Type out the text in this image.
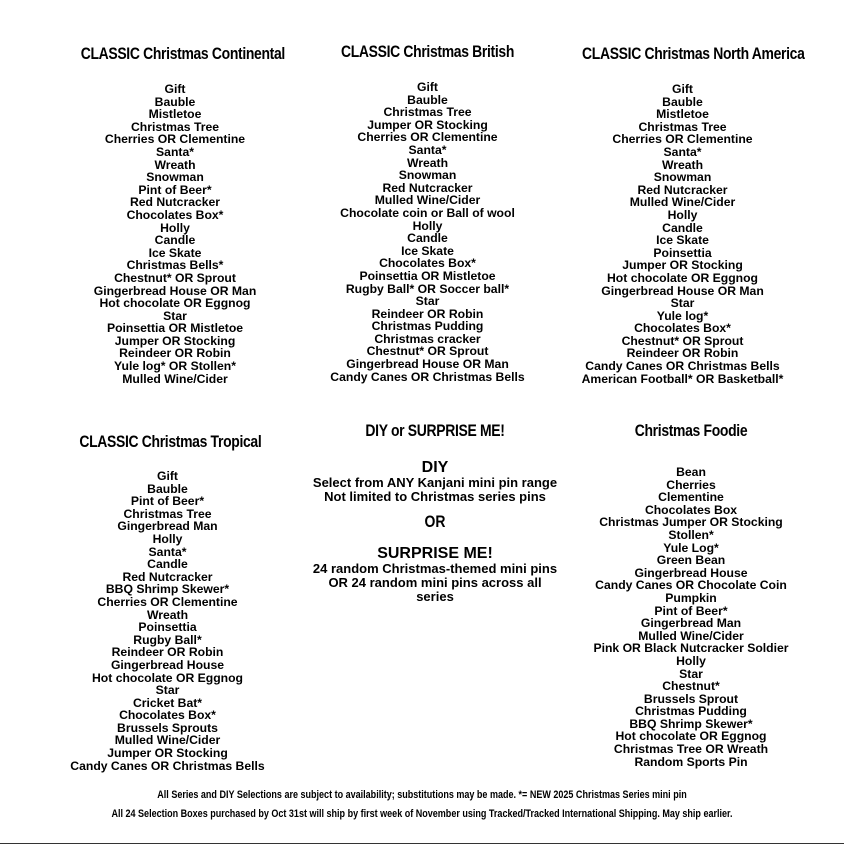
CLASSIC Christmas Continental
Gift
Bauble
Mistletoe
Christmas Tree
Cherries OR Clementine
Santa*
Wreath
Snowman
Pint of Beer*
Red Nutcracker
Chocolates Box*
Holly
Candle
Ice Skate
Christmas Bells*
Chestnut* OR Sprout
Gingerbread House OR Man
Hot chocolate OR Eggnog
Star
Poinsettia OR Mistletoe
Jumper OR Stocking
Reindeer OR Robin
Yule log* OR Stollen*
Mulled Wine/Cider
CLASSIC Christmas British
Gift
Bauble
Christmas Tree
Jumper OR Stocking
Cherries OR Clementine
Santa*
Wreath
Snowman
Red Nutcracker
Mulled Wine/Cider
Chocolate coin or Ball of wool
Holly
Candle
Ice Skate
Chocolates Box*
Poinsettia OR Mistletoe
Rugby Ball* OR Soccer ball*
Star
Reindeer OR Robin
Christmas Pudding
Christmas cracker
Chestnut* OR Sprout
Gingerbread House OR Man
Candy Canes OR Christmas Bells
CLASSIC Christmas North America
Gift
Bauble
Mistletoe
Christmas Tree
Cherries OR Clementine
Santa*
Wreath
Snowman
Red Nutcracker
Mulled Wine/Cider
Holly
Candle
Ice Skate
Poinsettia
Jumper OR Stocking
Hot chocolate OR Eggnog
Gingerbread House OR Man
Star
Yule log*
Chocolates Box*
Chestnut* OR Sprout
Reindeer OR Robin
Candy Canes OR Christmas Bells
American Football* OR Basketball*
CLASSIC Christmas Tropical
Gift
Bauble
Pint of Beer*
Christmas Tree
Gingerbread Man
Holly
Santa*
Candle
Red Nutcracker
BBQ Shrimp Skewer*
Cherries OR Clementine
Wreath
Poinsettia
Rugby Ball*
Reindeer OR Robin
Gingerbread House
Hot chocolate OR Eggnog
Star
Cricket Bat*
Chocolates Box*
Brussels Sprouts
Mulled Wine/Cider
Jumper OR Stocking
Candy Canes OR Christmas Bells
DIY or SURPRISE ME!
DIY
Select from ANY Kanjani mini pin range
Not limited to Christmas series pins
OR
SURPRISE ME!
24 random Christmas-themed mini pins
OR 24 random mini pins across all
series
Christmas Foodie
Bean
Cherries
Clementine
Chocolates Box
Christmas Jumper OR Stocking
Stollen*
Yule Log*
Green Bean
Gingerbread House
Candy Canes OR Chocolate Coin
Pumpkin
Pint of Beer*
Gingerbread Man
Mulled Wine/Cider
Pink OR Black Nutcracker Soldier
Holly
Star
Chestnut*
Brussels Sprout
Christmas Pudding
BBQ Shrimp Skewer*
Hot chocolate OR Eggnog
Christmas Tree OR Wreath
Random Sports Pin
All Series and DIY Selections are subject to availability; substitutions may be made. *= NEW 2025 Christmas Series mini pin
All 24 Selection Boxes purchased by Oct 31st will ship by first week of November using Tracked/Tracked International Shipping. May ship earlier.
